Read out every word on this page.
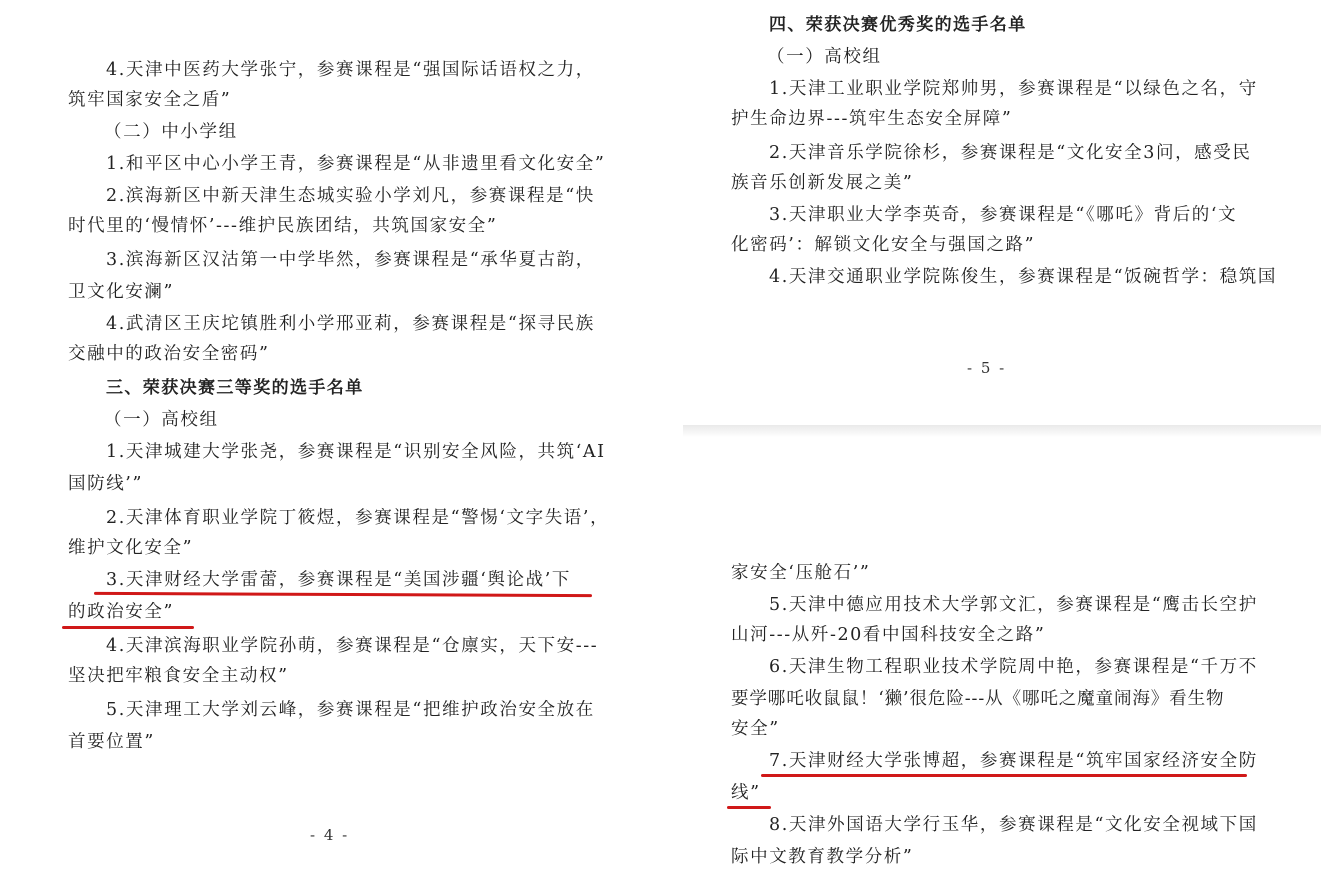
4.天津中医药大学张宁，参赛课程是“强国际话语权之力，
筑牢国家安全之盾”
（二）中小学组
1.和平区中心小学王青，参赛课程是“从非遗里看文化安全”
2.滨海新区中新天津生态城实验小学刘凡，参赛课程是“快
时代里的‘慢情怀’---维护民族团结，共筑国家安全”
3.滨海新区汉沽第一中学毕然，参赛课程是“承华夏古韵，
卫文化安澜”
4.武清区王庆坨镇胜利小学邢亚莉，参赛课程是“探寻民族
交融中的政治安全密码”
三、荣获决赛三等奖的选手名单
（一）高校组
1.天津城建大学张尧，参赛课程是“识别安全风险，共筑‘AI
国防线’”
2.天津体育职业学院丁筱煜，参赛课程是“警惕‘文字失语’，
维护文化安全”
3.天津财经大学雷蕾，参赛课程是“美国涉疆‘舆论战’下
的政治安全”
4.天津滨海职业学院孙萌，参赛课程是“仓廪实，天下安---
坚决把牢粮食安全主动权”
5.天津理工大学刘云峰，参赛课程是“把维护政治安全放在
首要位置”
- 4 -
四、荣获决赛优秀奖的选手名单
（一）高校组
1.天津工业职业学院郑帅男，参赛课程是“以绿色之名，守
护生命边界---筑牢生态安全屏障”
2.天津音乐学院徐杉，参赛课程是“文化安全3问，感受民
族音乐创新发展之美”
3.天津职业大学李英奇，参赛课程是“《哪吒》背后的‘文
化密码’：解锁文化安全与强国之路”
4.天津交通职业学院陈俊生，参赛课程是“饭碗哲学：稳筑国
- 5 -
家安全‘压舱石’”
5.天津中德应用技术大学郭文汇，参赛课程是“鹰击长空护
山河---从歼-20看中国科技安全之路”
6.天津生物工程职业技术学院周中艳，参赛课程是“千万不
要学哪吒收鼠鼠！‘獭’很危险---从《哪吒之魔童闹海》看生物
安全”
7.天津财经大学张博超，参赛课程是“筑牢国家经济安全防
线”
8.天津外国语大学行玉华，参赛课程是“文化安全视域下国
际中文教育教学分析”
